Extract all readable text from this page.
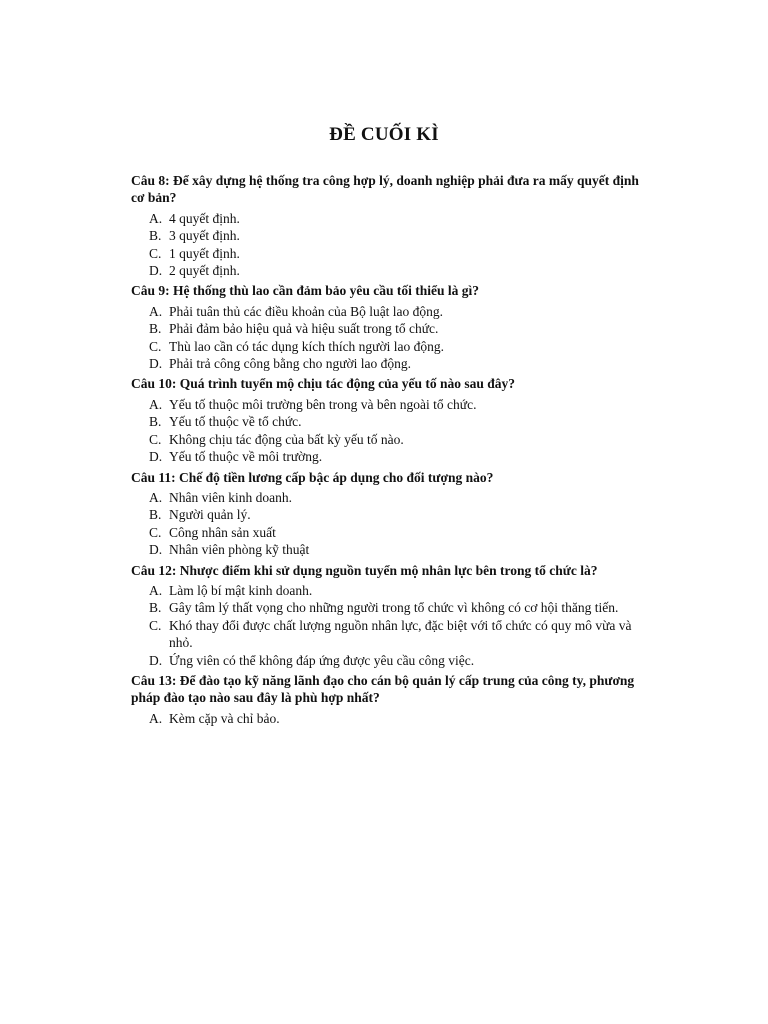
ĐỀ CUỐI KÌ
Câu 8: Để xây dựng hệ thống tra công hợp lý, doanh nghiệp phải đưa ra mấy quyết định cơ bản?
A. 4 quyết định.
B. 3 quyết định.
C. 1 quyết định.
D. 2 quyết định.
Câu 9: Hệ thống thù lao cần đảm bảo yêu cầu tối thiểu là gì?
A. Phải tuân thủ các điều khoản của Bộ luật lao động.
B. Phải đảm bảo hiệu quả và hiệu suất trong tổ chức.
C. Thù lao cần có tác dụng kích thích người lao động.
D. Phải trả công công bằng cho người lao động.
Câu 10: Quá trình tuyển mộ chịu tác động của yếu tố nào sau đây?
A. Yếu tố thuộc môi trường bên trong và bên ngoài tổ chức.
B. Yếu tố thuộc về tổ chức.
C. Không chịu tác động của bất kỳ yếu tố nào.
D. Yếu tố thuộc về môi trường.
Câu 11: Chế độ tiền lương cấp bậc áp dụng cho đối tượng nào?
A. Nhân viên kinh doanh.
B. Người quản lý.
C. Công nhân sản xuất
D. Nhân viên phòng kỹ thuật
Câu 12: Nhược điểm khi sử dụng nguồn tuyển mộ nhân lực bên trong tổ chức là?
A. Làm lộ bí mật kinh doanh.
B. Gây tâm lý thất vọng cho những người trong tổ chức vì không có cơ hội thăng tiến.
C. Khó thay đổi được chất lượng nguồn nhân lực, đặc biệt với tổ chức có quy mô vừa và nhỏ.
D. Ứng viên có thể không đáp ứng được yêu cầu công việc.
Câu 13: Để đào tạo kỹ năng lãnh đạo cho cán bộ quản lý cấp trung của công ty, phương pháp đào tạo nào sau đây là phù hợp nhất?
A. Kèm cặp và chỉ bảo.
